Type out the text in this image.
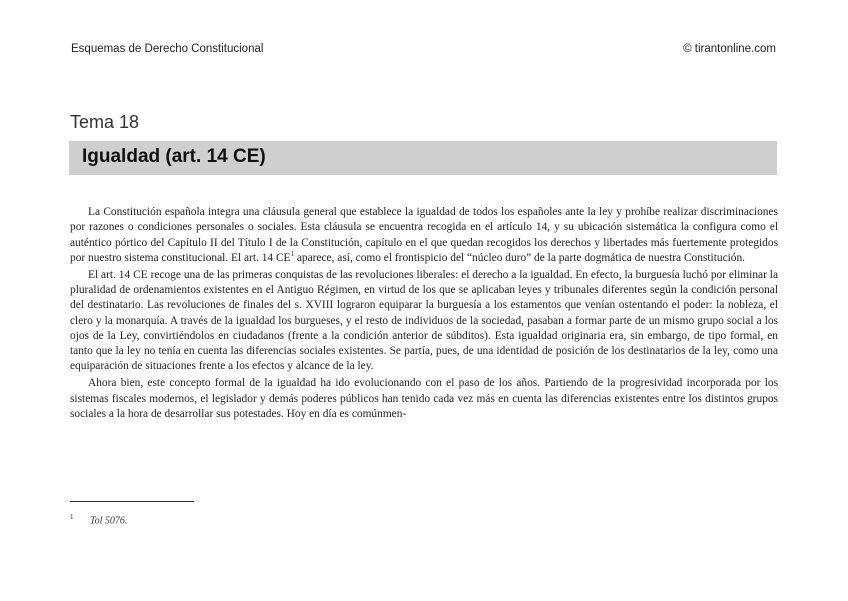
Esquemas de Derecho Constitucional	© tirantonline.com
Tema 18
Igualdad (art. 14 CE)

La Constitución española integra una cláusula general que establece la igualdad de todos los españoles ante la ley y prohíbe realizar discriminaciones por razones o condiciones personales o sociales. Esta cláusula se encuentra recogida en el artículo 14, y su ubicación sistemática la configura como el auténtico pórtico del Capítulo II del Título I de la Constitución, capítulo en el que quedan recogidos los derechos y libertades más fuertemente protegidos por nuestro sistema constitucional. El art. 14 $CE^1$ aparece, así, como el frontispicio del “núcleo duro” de la parte dogmática de nuestra Constitución.

El art. 14 CE recoge una de las primeras conquistas de las revoluciones liberales: el derecho a la igualdad. En efecto, la burguesía luchó por eliminar la pluralidad de ordenamientos existentes en el Antiguo Régimen, en virtud de los que se aplicaban leyes y tribunales diferentes según la condición personal del destinatario. Las revoluciones de finales del s. XVIII lograron equiparar la burguesía a los estamentos que venían ostentando el poder: la nobleza, el clero y la monarquía. A través de la igualdad los burgueses, y el resto de individuos de la sociedad, pasaban a formar parte de un mismo grupo social a los ojos de la Ley, convirtiéndolos en ciudadanos (frente a la condición anterior de súbditos). Esta igualdad originaria era, sin embargo, de tipo formal, en tanto que la ley no tenía en cuenta las diferencias sociales existentes. Se partía, pues, de una identidad de posición de los destinatarios de la ley, como una equiparación de situaciones frente a los efectos y alcance de la ley.

Ahora bien, este concepto formal de la igualdad ha ido evolucionando con el paso de los años. Partiendo de la progresividad incorporada por los sistemas fiscales modernos, el legislador y demás poderes públicos han tenido cada vez más en cuenta las diferencias existentes entre los distintos grupos sociales a la hora de desarrollar sus potestades. Hoy en día es comúnmen-

$^1$ Tol 5076.
